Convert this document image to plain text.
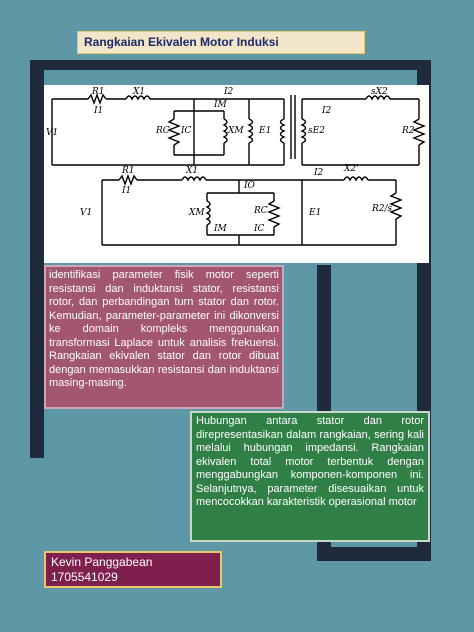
Rangkaian Ekivalen Motor Induksi
R1	X1
I1
V1
I2
IM
IC
RC	XM E1
sX2
I2
sE2	R2
R1	X1
I1
V1
I2 X2'
IO
E1	R2/s
XM
IM
RC
IC
identifikasi parameter fisik motor seperti resistansi dan induktansi stator, resistansi rotor, dan perbandingan turn stator dan rotor. Kemudian, parameter-parameter ini dikonversi ke domain kompleks menggunakan transformasi Laplace untuk analisis frekuensi. Rangkaian ekivalen stator dan rotor dibuat dengan memasukkan resistansi dan induktansi masing-masing.
Hubungan antara stator dan rotor direpresentasikan dalam rangkaian, sering kali melalui hubungan impedansi. Rangkaian ekivalen total motor terbentuk dengan menggabungkan komponen-komponen ini. Selanjutnya, parameter disesuaikan untuk mencocokkan karakteristik operasional motor
Kevin Panggabean
1705541029
